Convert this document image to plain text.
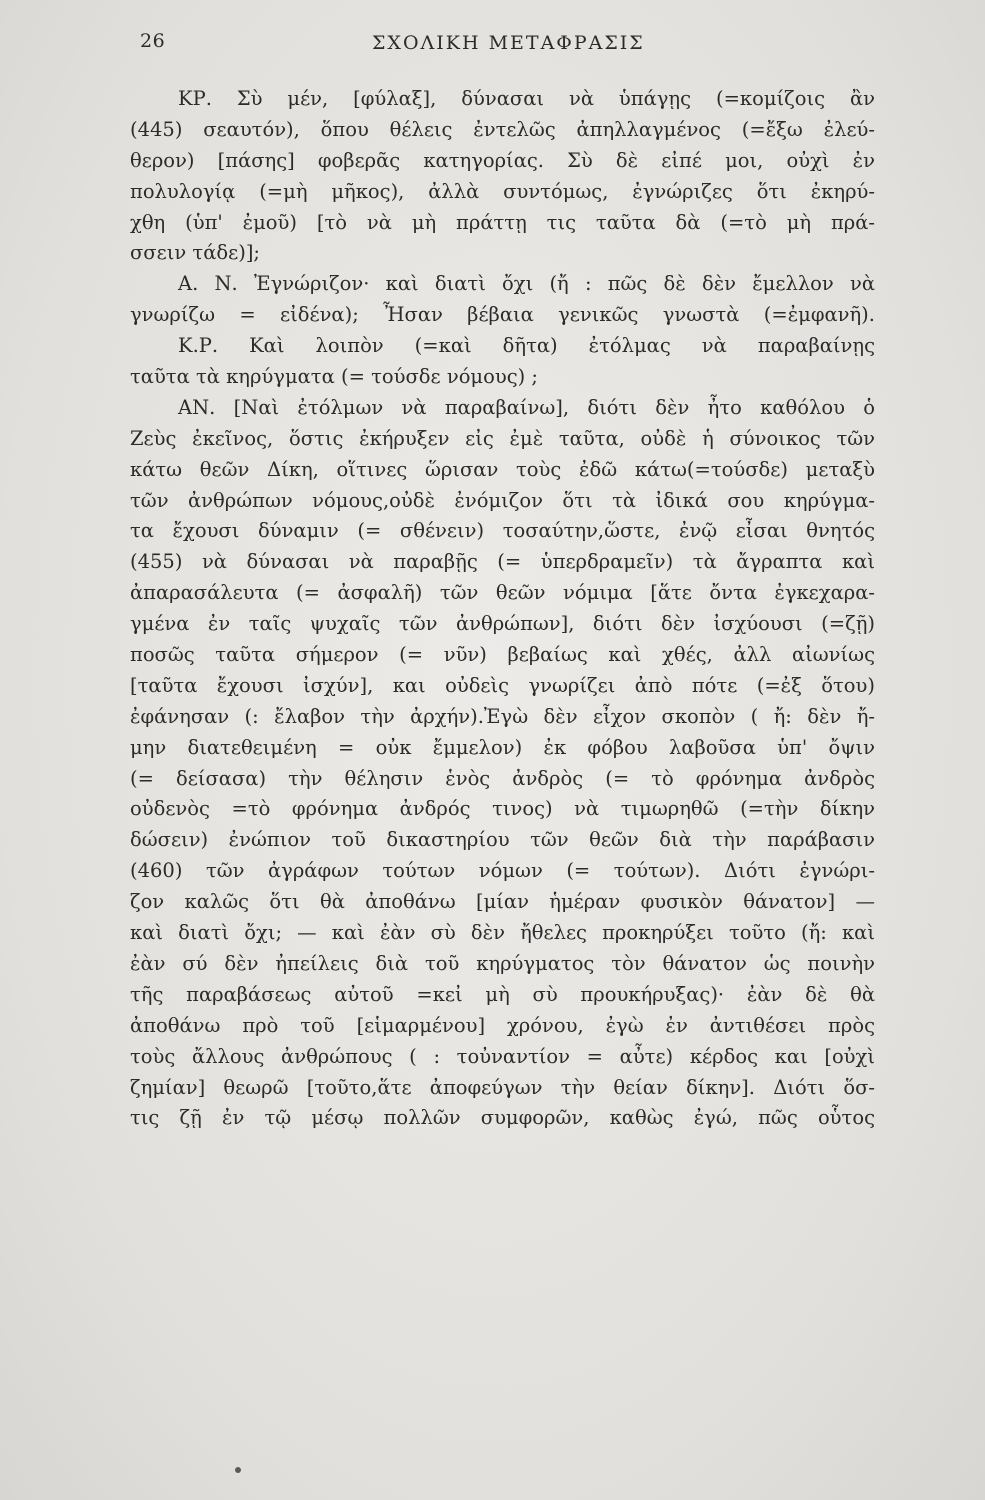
26	ΣΧΟΛΙΚΗ ΜΕΤΑΦΡΑΣΙΣ
ΚΡ. Σὺ μέν, [φύλαξ], δύνασαι νὰ ὑπάγῃς (=κομίζοις ἂν
(445) σεαυτόν), ὅπου θέλεις ἐντελῶς ἀπηλλαγμένος (=ἔξω ἐλεύ-
θερον) [πάσης] φοβερᾶς κατηγορίας. Σὺ δὲ εἰπέ μοι, οὐχὶ ἐν
πολυλογίᾳ (=μὴ μῆκος), ἀλλὰ συντόμως, ἐγνώριζες ὅτι ἐκηρύ-
χθη (ὑπ' ἐμοῦ) [τὸ νὰ μὴ πράττῃ τις ταῦτα δὰ (=τὸ μὴ πρά-
σσειν τάδε)];
Α. Ν. Ἐγνώριζον· καὶ διατὶ ὄχι (ἤ : πῶς δὲ δὲν ἔμελλον νὰ
γνωρίζω = εἰδένα); Ἦσαν βέβαια γενικῶς γνωστὰ (=ἐμφανῆ).
Κ.Ρ. Καὶ λοιπὸν (=καὶ δῆτα) ἐτόλμας νὰ παραβαίνῃς
ταῦτα τὰ κηρύγματα (= τούσδε νόμους) ;
ΑΝ. [Ναὶ ἐτόλμων νὰ παραβαίνω], διότι δὲν ἦτο καθόλου ὁ
Ζεὺς ἐκεῖνος, ὅστις ἐκήρυξεν εἰς ἐμὲ ταῦτα, οὐδὲ ἡ σύνοικος τῶν
κάτω θεῶν Δίκη, οἵτινες ὥρισαν τοὺς ἐδῶ κάτω(=τούσδε) μεταξὺ
τῶν ἀνθρώπων νόμους,οὐδὲ ἐνόμιζον ὅτι τὰ ἰδικά σου κηρύγμα-
τα ἔχουσι δύναμιν (= σθένειν) τοσαύτην,ὥστε, ἐνῷ εἶσαι θνητός
(455) νὰ δύνασαι νὰ παραβῇς (= ὑπερδραμεῖν) τὰ ἄγραπτα καὶ
ἀπαρασάλευτα (= ἀσφαλῆ) τῶν θεῶν νόμιμα [ἅτε ὄντα ἐγκεχαρα-
γμένα ἐν ταῖς ψυχαῖς τῶν ἀνθρώπων], διότι δὲν ἰσχύουσι (=ζῇ)
ποσῶς ταῦτα σήμερον (= νῦν) βεβαίως καὶ χθές, ἀλλ αἰωνίως
[ταῦτα ἔχουσι ἰσχύν], και οὐδεὶς γνωρίζει ἀπὸ πότε (=ἐξ ὅτου)
ἐφάνησαν (: ἔλαβον τὴν ἀρχήν).Ἐγὼ δὲν εἶχον σκοπὸν ( ἤ: δὲν ἤ-
μην διατεθειμένη = οὐκ ἔμμελον) ἐκ φόβου λαβοῦσα ὑπ' ὄψιν
(= δείσασα) τὴν θέλησιν ἑνὸς ἀνδρὸς (= τὸ φρόνημα ἀνδρὸς
οὐδενὸς =τὸ φρόνημα ἀνδρός τινος) νὰ τιμωρηθῶ (=τὴν δίκην
δώσειν) ἐνώπιον τοῦ δικαστηρίου τῶν θεῶν διὰ τὴν παράβασιν
(460) τῶν ἀγράφων τούτων νόμων (= τούτων). Διότι ἐγνώρι-
ζον καλῶς ὅτι θὰ ἀποθάνω [μίαν ἡμέραν φυσικὸν θάνατον] —
καὶ διατὶ ὄχι; — καὶ ἐὰν σὺ δὲν ἤθελες προκηρύξει τοῦτο (ἤ: καὶ
ἐὰν σύ δὲν ἠπείλεις διὰ τοῦ κηρύγματος τὸν θάνατον ὡς ποινὴν
τῆς παραβάσεως αὐτοῦ =κεἰ μὴ σὺ προυκήρυξας)· ἐὰν δὲ θὰ
ἀποθάνω πρὸ τοῦ [εἱμαρμένου] χρόνου, ἐγὼ ἐν ἀντιθέσει πρὸς
τοὺς ἄλλους ἀνθρώπους ( : τοὐναντίον = αὖτε) κέρδος και [οὐχὶ
ζημίαν] θεωρῶ [τοῦτο,ἅτε ἀποφεύγων τὴν θείαν δίκην]. Διότι ὅσ-
τις ζῇ ἐν τῷ μέσῳ πολλῶν συμφορῶν, καθὼς ἐγώ, πῶς οὗτος
